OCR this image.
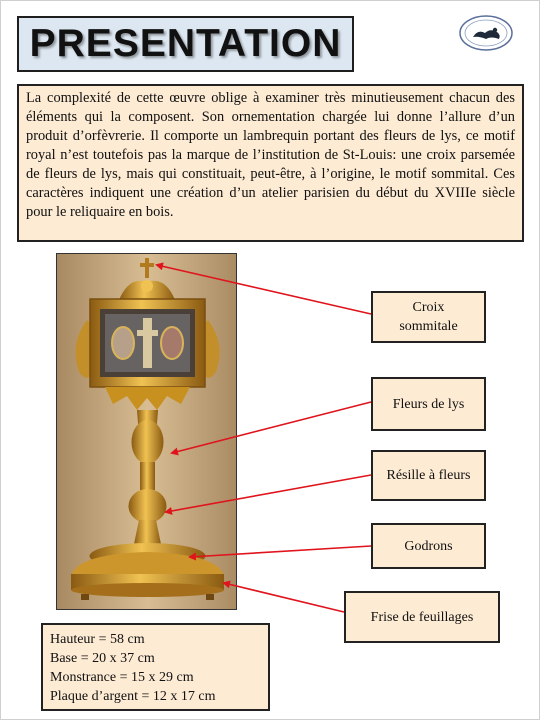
PRESENTATION
La complexité de cette œuvre oblige à examiner très minutieusement chacun des éléments qui la composent. Son ornementation chargée lui donne l’allure d’un produit d’orfèvrerie. Il comporte un lambrequin portant des fleurs de lys, ce motif royal n’est toutefois pas la marque de l’institution de St-Louis: une croix parsemée de fleurs de lys, mais qui constituait, peut-être, à l’origine, le motif sommital. Ces caractères indiquent une création d’un atelier parisien du début du XVIIIe siècle pour le reliquaire en bois.
Croix
sommitale
Fleurs de lys
Résille à fleurs
Godrons
Frise de feuillages
Hauteur = 58 cm
Base = 20 x 37 cm
Monstrance = 15 x 29 cm
Plaque d’argent = 12 x 17 cm
